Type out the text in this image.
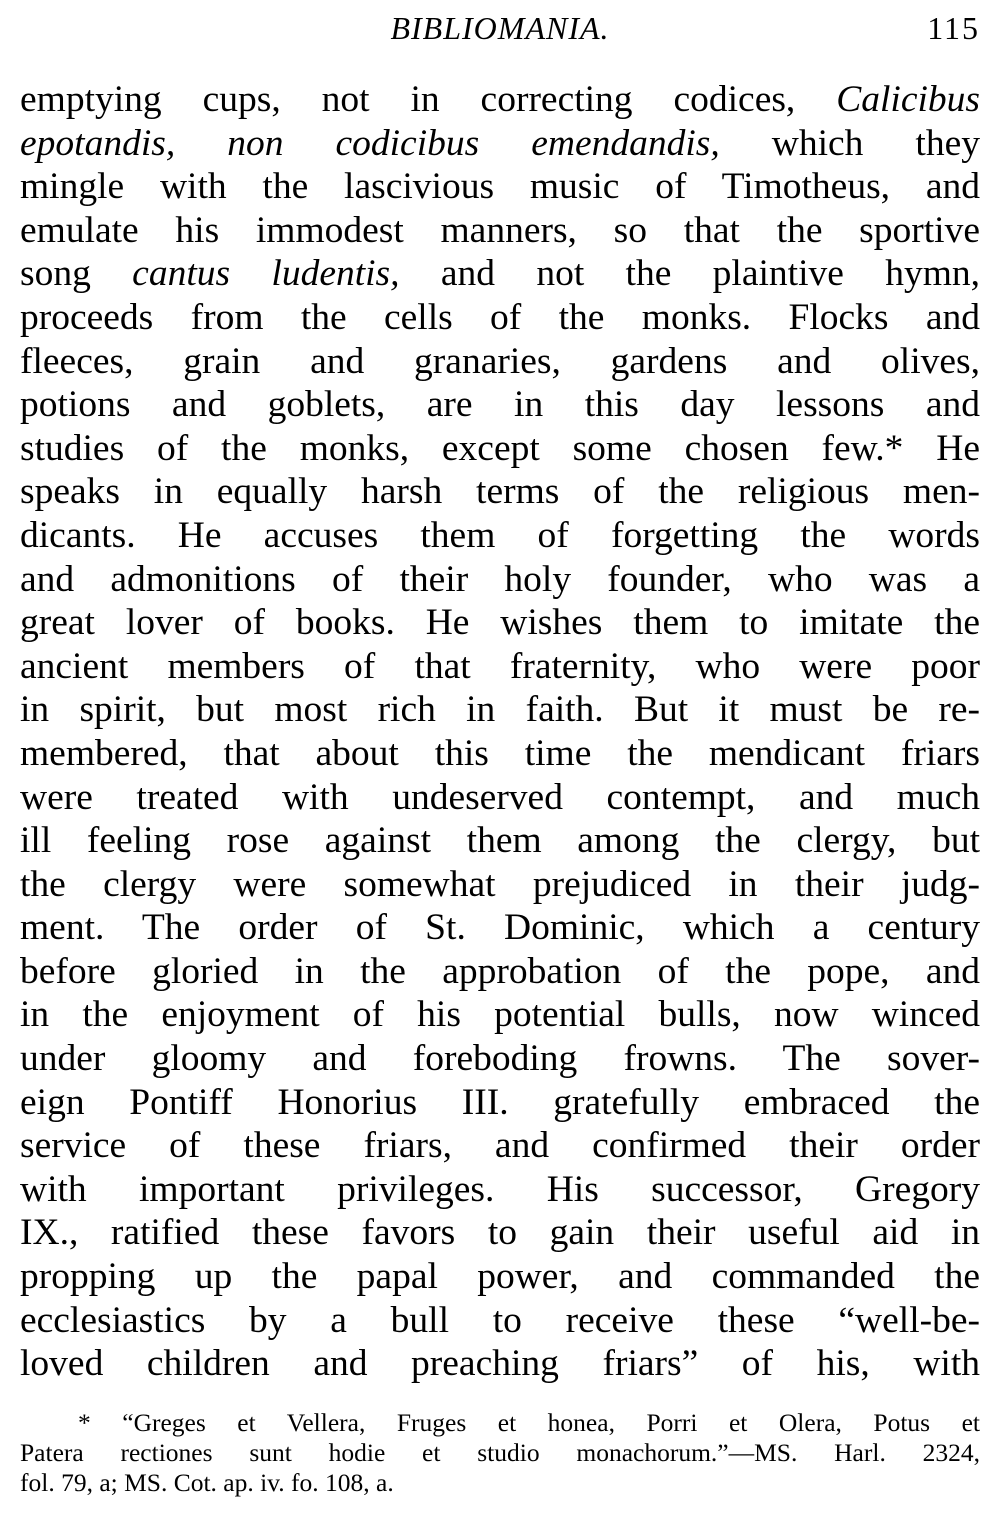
BIBLIOMANIA.	115
emptying cups, not in correcting codices, Calicibus
epotandis, non codicibus emendandis, which they
mingle with the lascivious music of Timotheus, and
emulate his immodest manners, so that the sportive
song cantus ludentis, and not the plaintive hymn,
proceeds from the cells of the monks. Flocks and
fleeces, grain and granaries, gardens and olives,
potions and goblets, are in this day lessons and
studies of the monks, except some chosen few.* He
speaks in equally harsh terms of the religious men-
dicants. He accuses them of forgetting the words
and admonitions of their holy founder, who was a
great lover of books. He wishes them to imitate the
ancient members of that fraternity, who were poor
in spirit, but most rich in faith. But it must be re-
membered, that about this time the mendicant friars
were treated with undeserved contempt, and much
ill feeling rose against them among the clergy, but
the clergy were somewhat prejudiced in their judg-
ment. The order of St. Dominic, which a century
before gloried in the approbation of the pope, and
in the enjoyment of his potential bulls, now winced
under gloomy and foreboding frowns. The sover-
eign Pontiff Honorius III. gratefully embraced the
service of these friars, and confirmed their order
with important privileges. His successor, Gregory
IX., ratified these favors to gain their useful aid in
propping up the papal power, and commanded the
ecclesiastics by a bull to receive these “well-be-
loved children and preaching friars” of his, with
* “Greges et Vellera, Fruges et honea, Porri et Olera, Potus et
Patera rectiones sunt hodie et studio monachorum.”—MS. Harl. 2324,
fol. 79, a; MS. Cot. ap. iv. fo. 108, a.
